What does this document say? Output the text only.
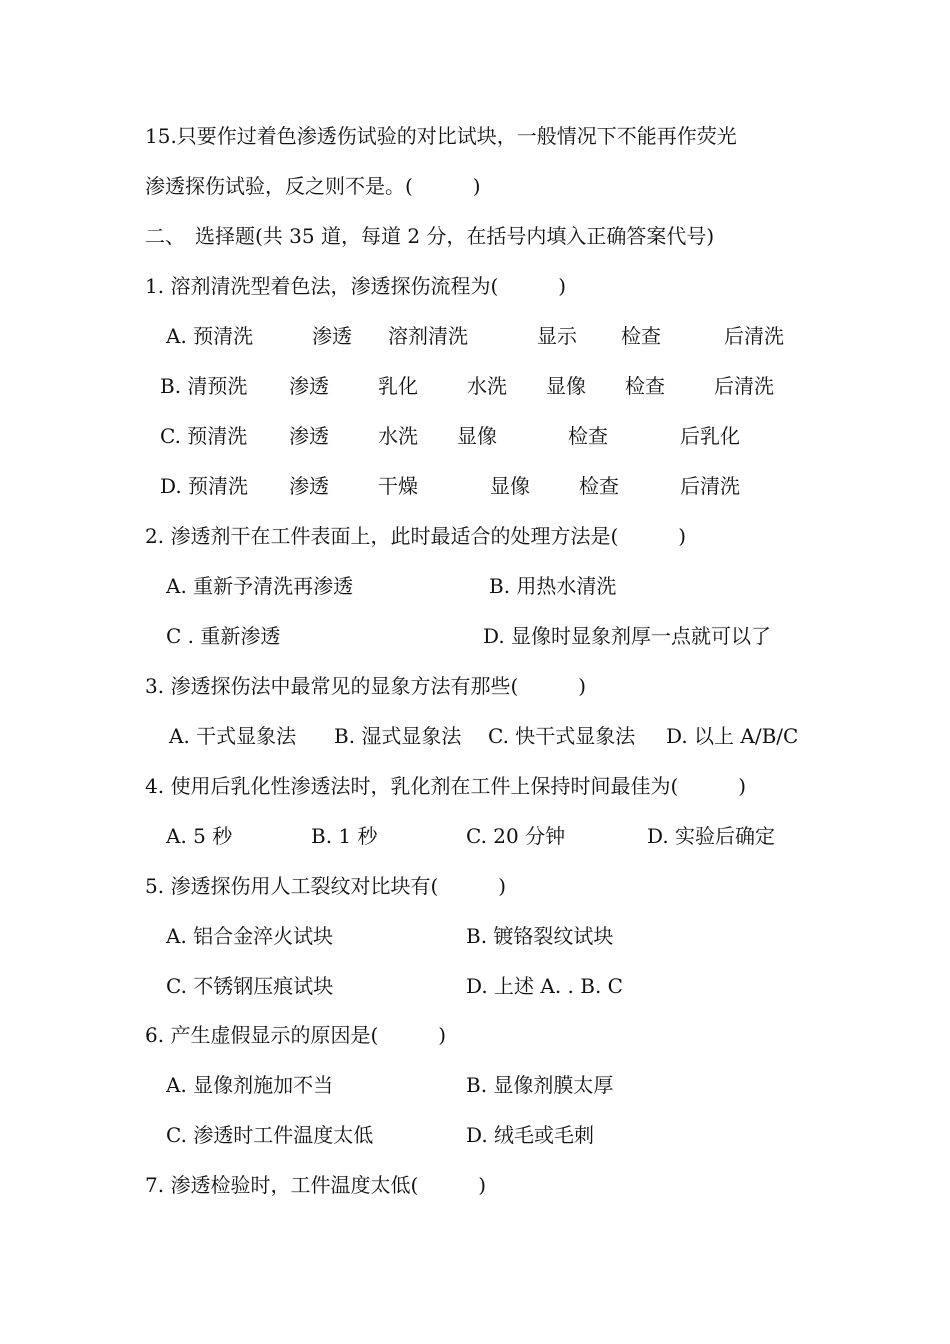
15.只要作过着色渗透伤试验的对比试块，一般情况下不能再作荧光
渗透探伤试验，反之则不是。(　　　)
二、　选择题(共 35 道，每道 2 分，在括号内填入正确答案代号)
1. 溶剂清洗型着色法，渗透探伤流程为(　　　)
A. 预清洗	渗透 溶剂清洗	显示 检查	后清洗
B. 清预洗 渗透 乳化 水洗 显像 检查 后清洗
C. 预清洗 渗透 水洗 显像	检查	后乳化
D. 预清洗 渗透 干燥	显像 检查	后清洗
2. 渗透剂干在工件表面上，此时最适合的处理方法是(　　　)
A. 重新予清洗再渗透	B. 用热水清洗
C . 重新渗透	D. 显像时显象剂厚一点就可以了
3. 渗透探伤法中最常见的显象方法有那些(　　　)
A. 干式显象法 B. 湿式显象法 C. 快干式显象法 D. 以上 A/B/C
4. 使用后乳化性渗透法时，乳化剂在工件上保持时间最佳为(　　　)
A. 5 秒	B. 1 秒	C. 20 分钟	D. 实验后确定
5. 渗透探伤用人工裂纹对比块有(　　　)
A. 铝合金淬火试块	B. 镀铬裂纹试块
C. 不锈钢压痕试块	D. 上述 A. . B. C
6. 产生虚假显示的原因是(　　　)
A. 显像剂施加不当	B. 显像剂膜太厚
C. 渗透时工件温度太低	D. 绒毛或毛刺
7. 渗透检验时，工件温度太低(　　　)
